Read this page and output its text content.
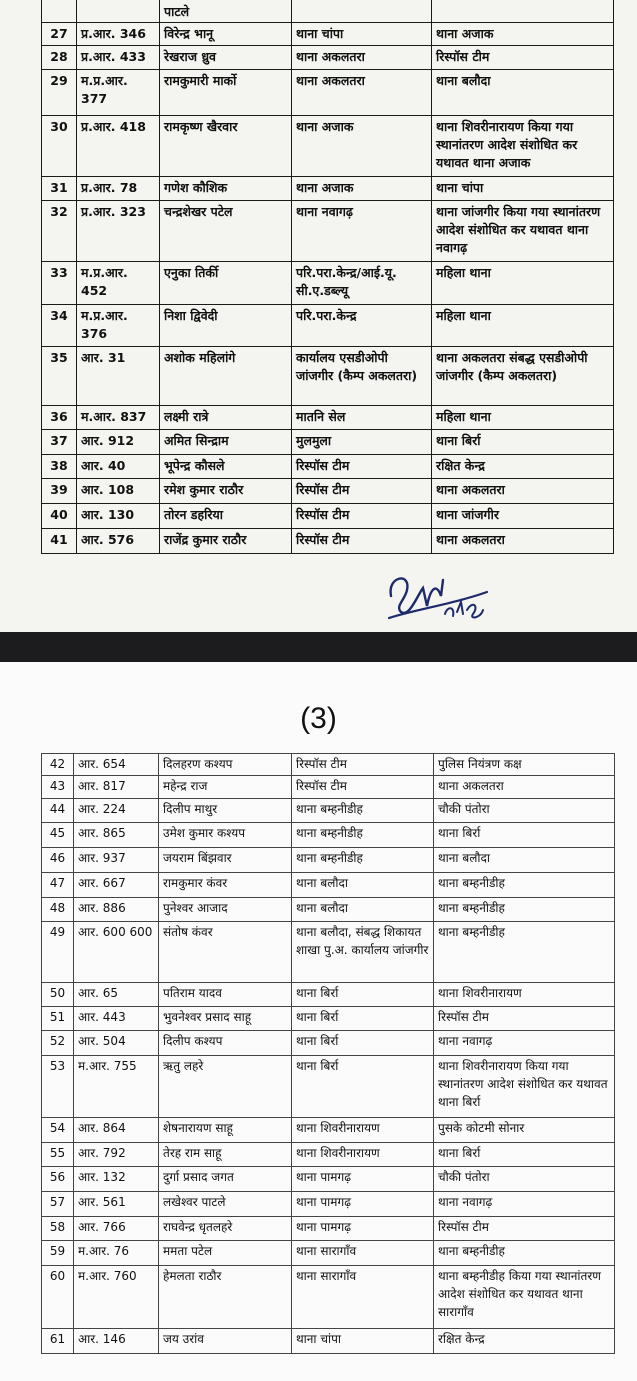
		पाटले		
27	प्र.आर. 346	विरेन्द्र भानू	थाना चांपा	थाना अजाक
28	प्र.आर. 433	रेखराज ध्रुव	थाना अकलतरा	रिस्पॉस टीम
29	म.प्र.आर. 377	रामकुमारी मार्को	थाना अकलतरा	थाना बलौदा
30	प्र.आर. 418	रामकृष्ण खैरवार	थाना अजाक	थाना शिवरीनारायण किया गया स्थानांतरण आदेश संशोधित कर यथावत थाना अजाक
31	प्र.आर. 78	गणेश कौशिक	थाना अजाक	थाना चांपा
32	प्र.आर. 323	चन्द्रशेखर पटेल	थाना नवागढ़	थाना जांजगीर किया गया स्थानांतरण आदेश संशोधित कर यथावत थाना नवागढ़
33	म.प्र.आर. 452	एनुका तिर्की	परि.परा.केन्द्र/आई.यू. सी.ए.डब्ल्यू	महिला थाना
34	म.प्र.आर. 376	निशा द्विवेदी	परि.परा.केन्द्र	महिला थाना
35	आर. 31	अशोक महिलांगे	कार्यालय एसडीओपी जांजगीर (कैम्प अकलतरा)	थाना अकलतरा संबद्ध एसडीओपी जांजगीर (कैम्प अकलतरा)
36	म.आर. 837	लक्ष्मी रात्रे	मातनि सेल	महिला थाना
37	आर. 912	अमित सिन्द्राम	मुलमुला	थाना बिर्रा
38	आर. 40	भूपेन्द्र कौसले	रिस्पॉस टीम	रक्षित केन्द्र
39	आर. 108	रमेश कुमार राठौर	रिस्पॉस टीम	थाना अकलतरा
40	आर. 130	तोरन डहरिया	रिस्पॉस टीम	थाना जांजगीर
41	आर. 576	राजेंद्र कुमार राठौर	रिस्पॉस टीम	थाना अकलतरा
(3)
42	आर. 654	दिलहरण कश्यप	रिस्पॉस टीम	पुलिस नियंत्रण कक्ष
43	आर. 817	महेन्द्र राज	रिस्पॉस टीम	थाना अकलतरा
44	आर. 224	दिलीप माथुर	थाना बम्हनीडीह	चौकी पंतोरा
45	आर. 865	उमेश कुमार कश्यप	थाना बम्हनीडीह	थाना बिर्रा
46	आर. 937	जयराम बिंझवार	थाना बम्हनीडीह	थाना बलौदा
47	आर. 667	रामकुमार कंवर	थाना बलौदा	थाना बम्हनीडीह
48	आर. 886	पुनेश्वर आजाद	थाना बलौदा	थाना बम्हनीडीह
49	आर. 600 600	संतोष कंवर	थाना बलौदा, संबद्ध शिकायत शाखा पु.अ. कार्यालय जांजगीर	थाना बम्हनीडीह
50	आर. 65	पतिराम यादव	थाना बिर्रा	थाना शिवरीनारायण
51	आर. 443	भुवनेश्वर प्रसाद साहू	थाना बिर्रा	रिस्पॉस टीम
52	आर. 504	दिलीप कश्यप	थाना बिर्रा	थाना नवागढ़
53	म.आर. 755	ऋतु लहरे	थाना बिर्रा	थाना शिवरीनारायण किया गया स्थानांतरण आदेश संशोधित कर यथावत थाना बिर्रा
54	आर. 864	शेषनारायण साहू	थाना शिवरीनारायण	पुसके कोटमी सोनार
55	आर. 792	तेरह राम साहू	थाना शिवरीनारायण	थाना बिर्रा
56	आर. 132	दुर्गा प्रसाद जगत	थाना पामगढ़	चौकी पंतोरा
57	आर. 561	लखेश्वर पाटले	थाना पामगढ़	थाना नवागढ़
58	आर. 766	राघवेन्द्र धृतलहरे	थाना पामगढ़	रिस्पॉस टीम
59	म.आर. 76	ममता पटेल	थाना सारागाँव	थाना बम्हनीडीह
60	म.आर. 760	हेमलता राठौर	थाना सारागाँव	थाना बम्हनीडीह किया गया स्थानांतरण आदेश संशोधित कर यथावत थाना सारागाँव
61	आर. 146	जय उरांव	थाना चांपा	रक्षित केन्द्र
